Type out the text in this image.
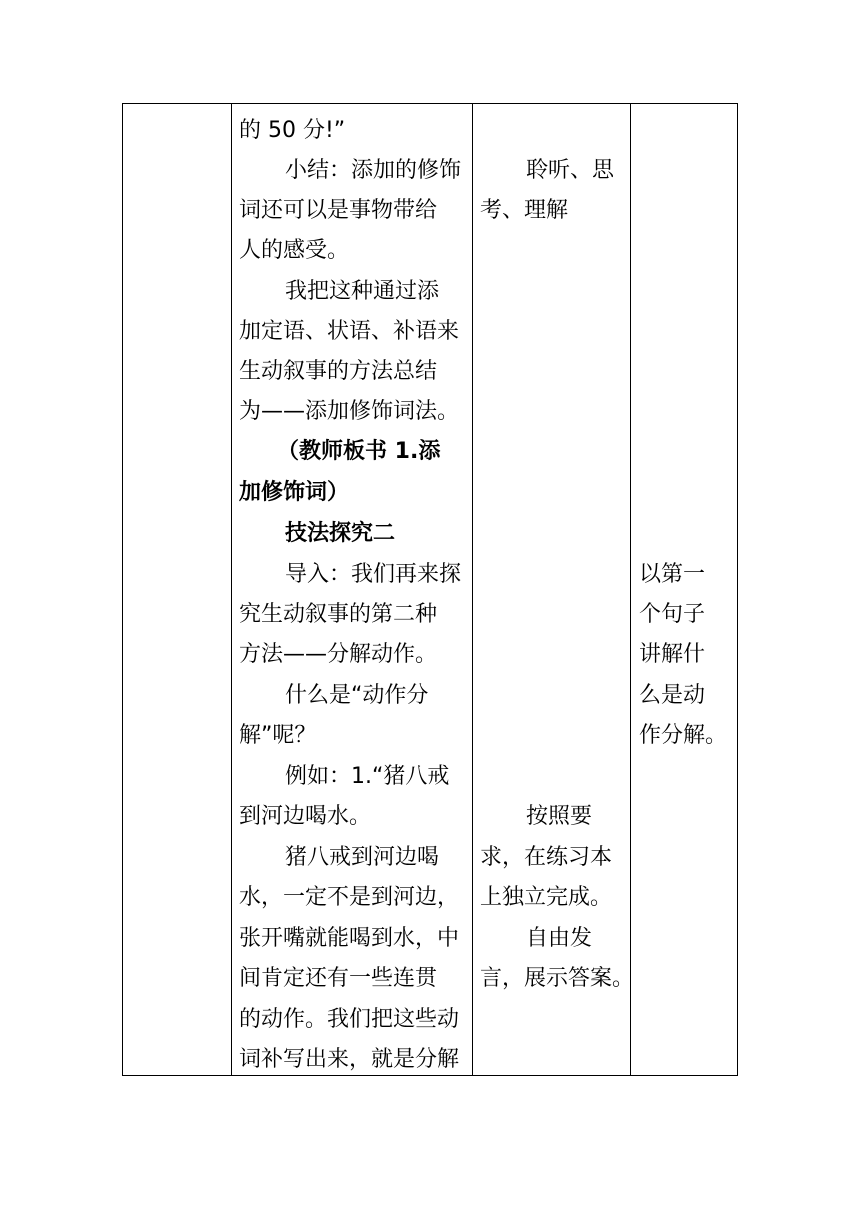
的 50 分!”
小结：添加的修饰
词还可以是事物带给
人的感受。
我把这种通过添
加定语、状语、补语来
生动叙事的方法总结
为——添加修饰词法。
（教师板书 1.添
加修饰词）
技法探究二
导入：我们再来探
究生动叙事的第二种
方法——分解动作。
什么是“动作分
解”呢？
例如：1.“猪八戒
到河边喝水。
猪八戒到河边喝
水，一定不是到河边，
张开嘴就能喝到水，中
间肯定还有一些连贯
的动作。我们把这些动
词补写出来，就是分解
聆听、思
考、理解
按照要
求，在练习本
上独立完成。
自由发
言，展示答案。
以第一
个句子
讲解什
么是动
作分解。
